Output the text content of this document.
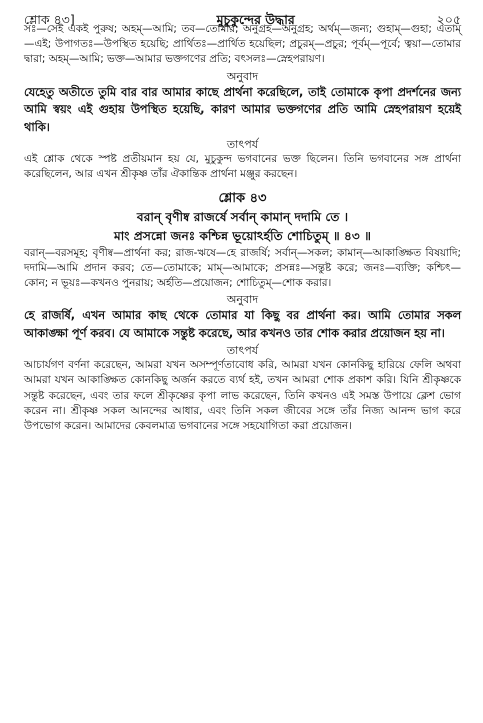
শ্লোক ৪৩]	মুচুকুন্দের উদ্ধার	২০৫

সঃ—সেই একই পুরুষ; অহম্—আমি; তব—তোমার; অনুগ্রহ—অনুগ্রহ; অর্থম্—জন্য; গুহাম্—গুহা; এতাম্—এই; উপাগতঃ—উপস্থিত হয়েছি; প্রার্থিতঃ—প্রার্থিত হয়েছিল; প্রচুরম্—প্রচুর; পূর্বম্—পূর্বে; ত্বয়া—তোমার দ্বারা; অহম্—আমি; ভক্ত—আমার ভক্তগণের প্রতি; বৎসলঃ—স্নেহপরায়ণ।

অনুবাদ

যেহেতু অতীতে তুমি বার বার আমার কাছে প্রার্থনা করেছিলে, তাই তোমাকে কৃপা প্রদর্শনের জন্য আমি স্বয়ং এই গুহায় উপস্থিত হয়েছি, কারণ আমার ভক্তগণের প্রতি আমি স্নেহপরায়ণ হয়েই থাকি।

তাৎপর্য

এই শ্লোক থেকে স্পষ্ট প্রতীয়মান হয় যে, মুচুকুন্দ ভগবানের ভক্ত ছিলেন। তিনি ভগবানের সঙ্গ প্রার্থনা করেছিলেন, আর এখন শ্রীকৃষ্ণ তাঁর ঐকান্তিক প্রার্থনা মঞ্জুর করছেন।

শ্লোক ৪৩
বরান্ বৃণীষ্ব রাজর্ষে সর্বান্ কামান্ দদামি তে ।
মাং প্রসন্নো জনঃ কশ্চিন্ন ভূয়োঽর্হতি শোচিতুম্ ॥ ৪৩ ॥

বরান্—বরসমূহ; বৃণীষ্ব—প্রার্থনা কর; রাজ-ঋষে—হে রাজর্ষি; সর্বান্—সকল; কামান্—আকাঙ্ক্ষিত বিষয়াদি; দদামি—আমি প্রদান করব; তে—তোমাকে; মাম্—আমাকে; প্রসন্নঃ—সন্তুষ্ট করে; জনঃ—ব্যক্তি; কশ্চিৎ—কোন; ন ভূয়ঃ—কখনও পুনরায়; অর্হতি—প্রয়োজন; শোচিতুম্—শোক করার।

অনুবাদ

হে রাজর্ষি, এখন আমার কাছ থেকে তোমার যা কিছু বর প্রার্থনা কর। আমি তোমার সকল আকাঙ্ক্ষা পূর্ণ করব। যে আমাকে সন্তুষ্ট করেছে, আর কখনও তার শোক করার প্রয়োজন হয় না।

তাৎপর্য

আচার্যগণ বর্ণনা করেছেন, আমরা যখন অসম্পূর্ণতাবোধ করি, আমরা যখন কোনকিছু হারিয়ে ফেলি অথবা আমরা যখন আকাঙ্ক্ষিত কোনকিছু অর্জন করতে ব্যর্থ হই, তখন আমরা শোক প্রকাশ করি। যিনি শ্রীকৃষ্ণকে সন্তুষ্ট করেছেন, এবং তার ফলে শ্রীকৃষ্ণের কৃপা লাভ করেছেন, তিনি কখনও এই সমস্ত উপায়ে ক্লেশ ভোগ করেন না। শ্রীকৃষ্ণ সকল আনন্দের আধার, এবং তিনি সকল জীবের সঙ্গে তাঁর নিজ্য আনন্দ ভাগ করে উপভোগ করেন। আমাদের কেবলমাত্র ভগবানের সঙ্গে সহযোগিতা করা প্রয়োজন।
